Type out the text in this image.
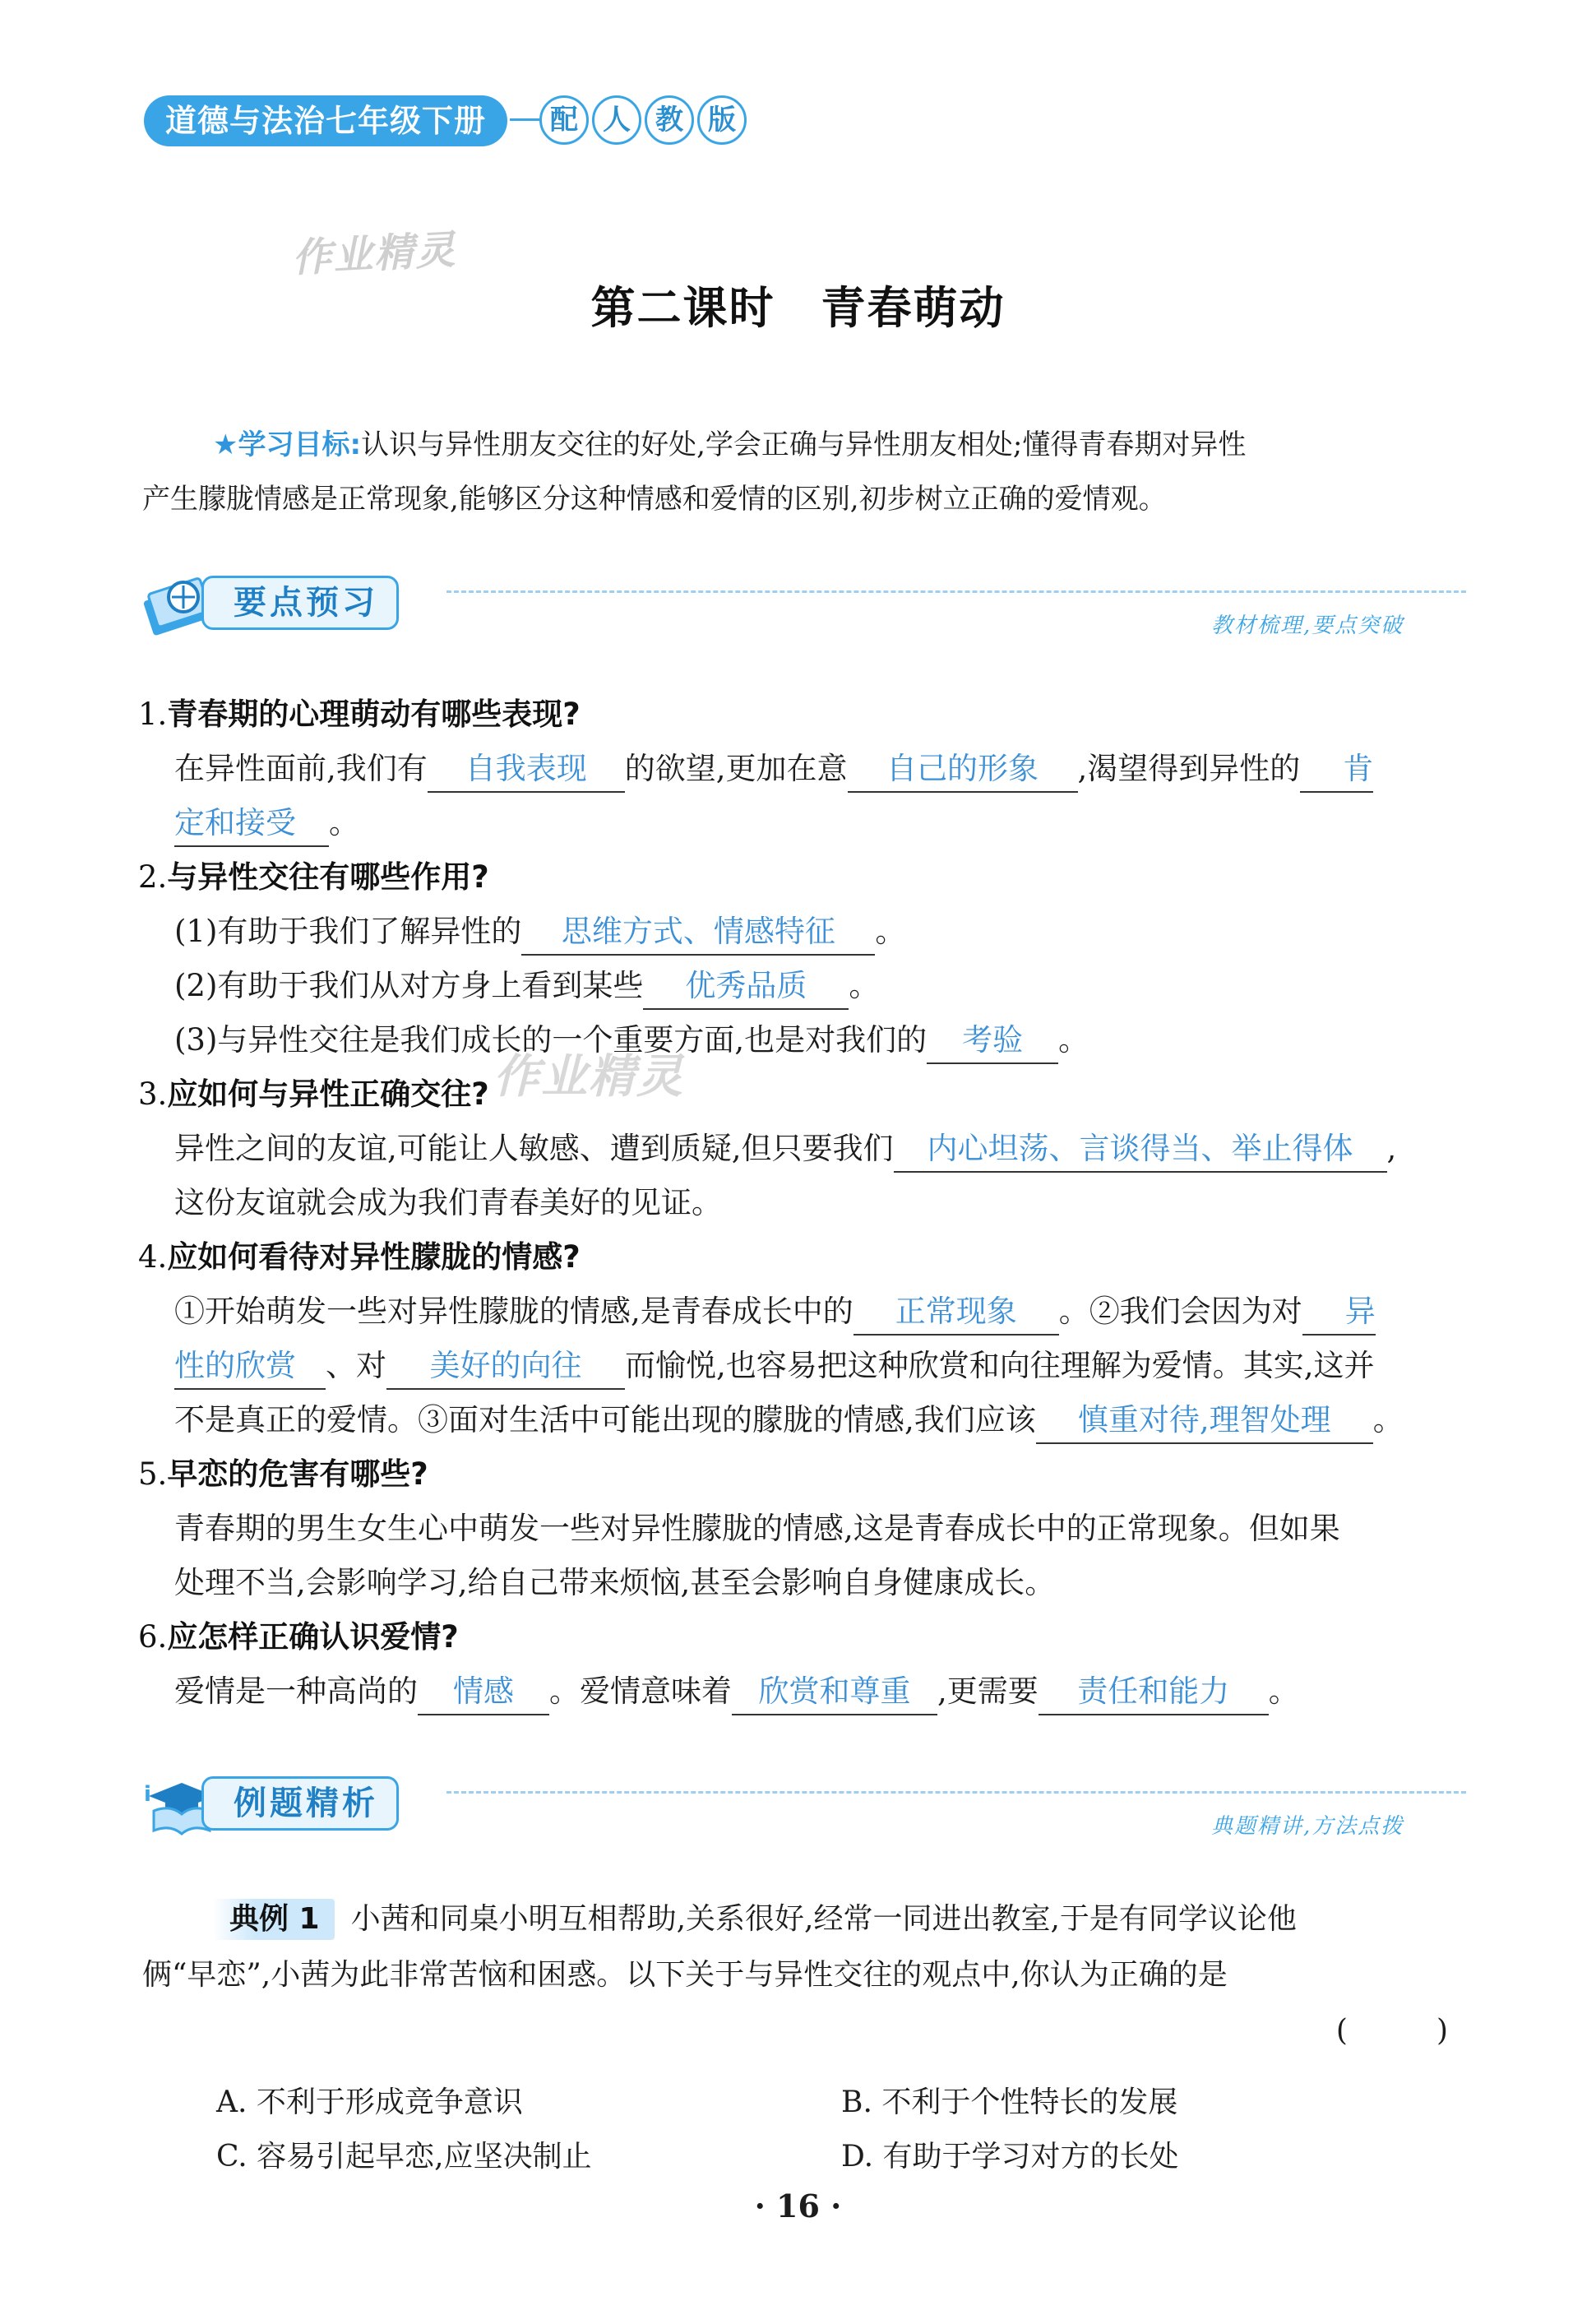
道德与法治七年级下册	配 人 教 版
作业精灵
作业精灵
第二课时　青春萌动
★学习目标:认识与异性朋友交往的好处,学会正确与异性朋友相处;懂得青春期对异性
产生朦胧情感是正常现象,能够区分这种情感和爱情的区别,初步树立正确的爱情观。
要点预习
教材梳理,要点突破
1.青春期的心理萌动有哪些表现?
在异性面前,我们有 自我表现 的欲望,更加在意 自己的形象 ,渴望得到异性的 肯
定和接受 。
2.与异性交往有哪些作用?
(1)有助于我们了解异性的 思维方式、情感特征 。
(2)有助于我们从对方身上看到某些 优秀品质 。
(3)与异性交往是我们成长的一个重要方面,也是对我们的 考验 。
3.应如何与异性正确交往?
异性之间的友谊,可能让人敏感、遭到质疑,但只要我们 内心坦荡、言谈得当、举止得体 ,
这份友谊就会成为我们青春美好的见证。
4.应如何看待对异性朦胧的情感?
①开始萌发一些对异性朦胧的情感,是青春成长中的 正常现象 。②我们会因为对 异
性的欣赏 、对 美好的向往 而愉悦,也容易把这种欣赏和向往理解为爱情。其实,这并
不是真正的爱情。③面对生活中可能出现的朦胧的情感,我们应该 慎重对待,理智处理 。
5.早恋的危害有哪些?
青春期的男生女生心中萌发一些对异性朦胧的情感,这是青春成长中的正常现象。但如果
处理不当,会影响学习,给自己带来烦恼,甚至会影响自身健康成长。
6.应怎样正确认识爱情?
爱情是一种高尚的 情感 。爱情意味着 欣赏和尊重 ,更需要 责任和能力 。
i	例题精析
典题精讲,方法点拨
典例 1 小茜和同桌小明互相帮助,关系很好,经常一同进出教室,于是有同学议论他
俩“早恋”,小茜为此非常苦恼和困惑。以下关于与异性交往的观点中,你认为正确的是
(　　　)
A. 不利于形成竞争意识	B. 不利于个性特长的发展
C. 容易引起早恋,应坚决制止	D. 有助于学习对方的长处
· 16 ·
